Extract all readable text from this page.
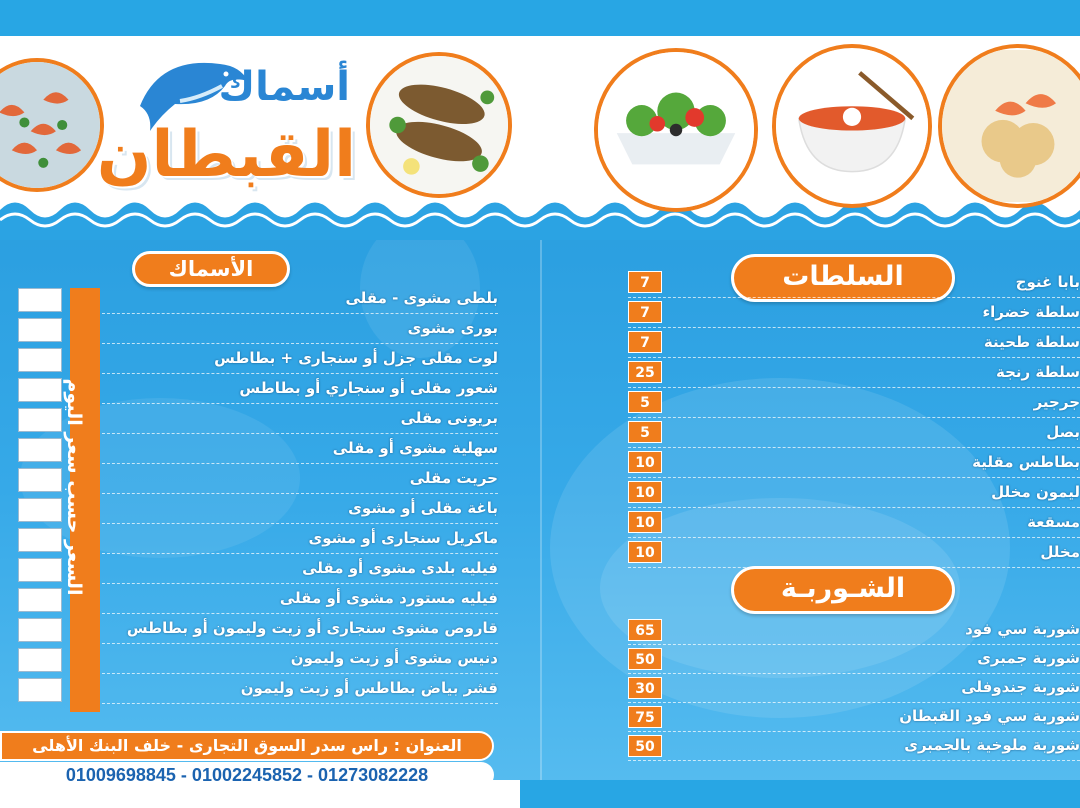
أسماك
القبطان
الأسماك
السعر حسب سعر اليوم
بلطى مشوى - مقلى
بورى مشوى
لوت مقلى جزل أو سنجارى + بطاطس
شعور مقلى أو سنجاري أو بطاطس
بريونى مقلى
سهلية مشوى أو مقلى
حريت مقلى
باغة مقلى أو مشوى
ماكريل سنجارى أو مشوى
فيليه بلدى مشوى أو مقلى
فيليه مستورد مشوى أو مقلى
قاروص مشوى سنجارى أو زيت وليمون أو بطاطس
دنيس مشوى أو زيت وليمون
قشر بياض بطاطس أو زيت وليمون
العنوان : راس سدر السوق التجارى - خلف البنك الأهلى
01009698845 - 01002245852 - 01273082228
السلطات	بابا غنوج
7
سلطة خضراء
7
سلطة طحينة
7
سلطة رنجة
25
جرجير
5
بصل
5
بطاطس مقلية
10
ليمون مخلل
10
مسقعة
10
مخلل
10
الشـوربـة
شوربة سي فود
65
شوربة جمبرى
50
شوربة جندوفلى
30
شوربة سي فود القبطان
75
شوربة ملوخية بالجمبرى
50
